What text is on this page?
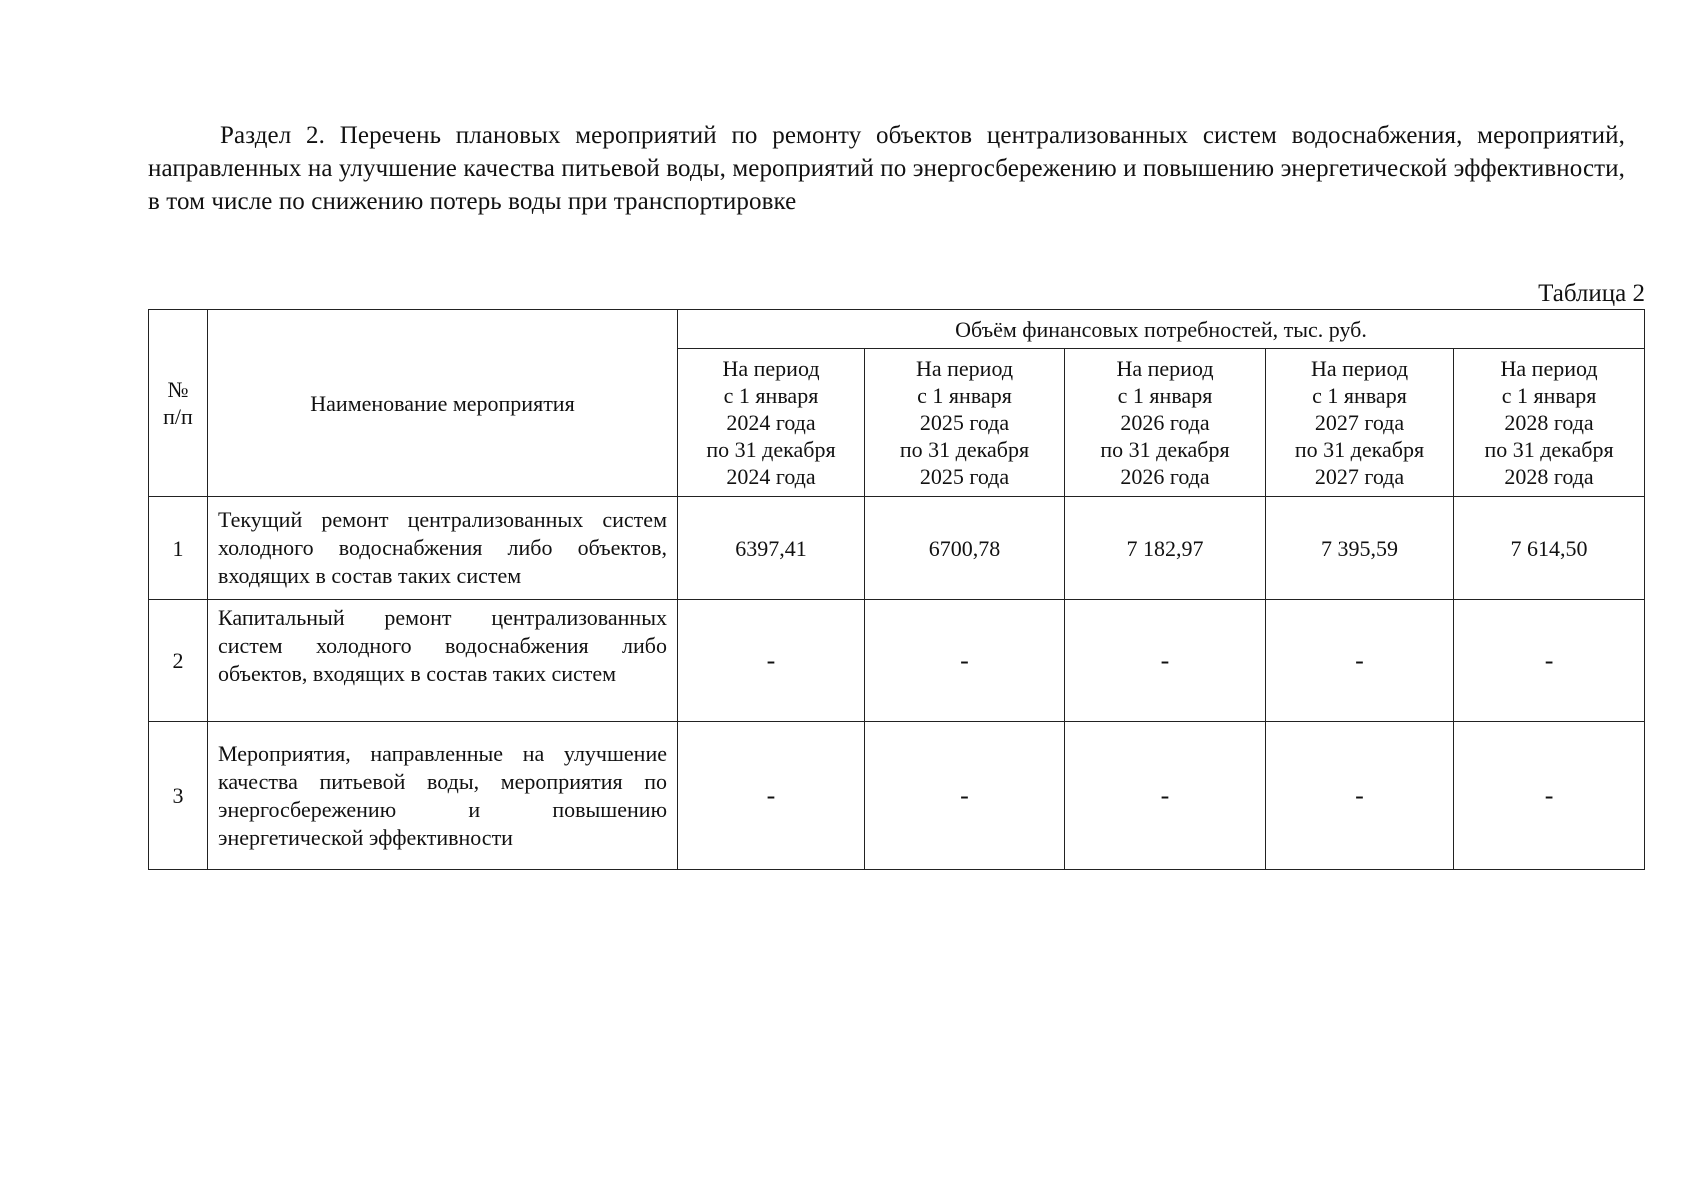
Раздел 2. Перечень плановых мероприятий по ремонту объектов централизованных систем водоснабжения, мероприятий, направленных на улучшение качества питьевой воды, мероприятий по энергосбережению и повышению энергетической эффективности, в том числе по снижению потерь воды при транспортировке
Таблица 2
№ п/п	Наименование мероприятия	Объём финансовых потребностей, тыс. руб.				

		На период
с 1 января
2024 года
по 31 декабря
2024 года	На период
с 1 января
2025 года
по 31 декабря
2025 года	На период
с 1 января
2026 года
по 31 декабря
2026 года	На период
с 1 января
2027 года
по 31 декабря
2027 года	На период
с 1 января
2028 года
по 31 декабря
2028 года

1	Текущий ремонт централизованных систем холодного водоснабжения либо объектов, входящих в состав таких систем	6397,41	6700,78	7 182,97	7 395,59	7 614,50
2	Капитальный ремонт централизованных систем холодного водоснабжения либо объектов, входящих в состав таких систем	-	-	-	-	-
3	Мероприятия, направленные на улучшение качества питьевой воды, мероприятия по энергосбережению и повышению энергетической эффективности	-	-	-	-	-
